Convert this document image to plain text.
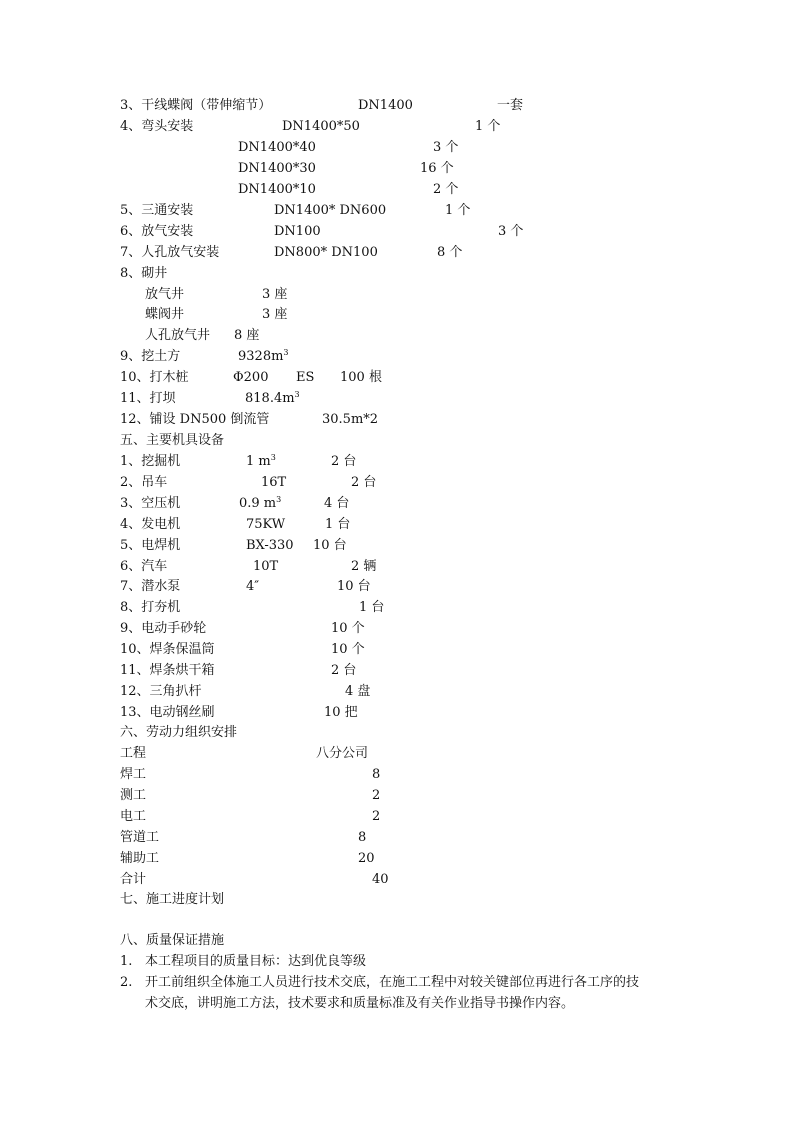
3、干线蝶阀（带伸缩节）	DN1400	一套
4、弯头安装	DN1400*50	1 个
DN1400*40	3 个
DN1400*30	16 个
DN1400*10	2 个
5、三通安装	DN1400* DN600	1 个
6、放气安装	DN100	3 个
7、人孔放气安装	DN800* DN100	8 个
8、砌井
放气井	3 座
蝶阀井	3 座
人孔放气井 8 座
9、挖土方	$9328m^3$
10、打木桩	Φ200 ES 100 根
11、打坝	$818.4m^3$
12、铺设 DN500 倒流管	30.5m*2
五、主要机具设备
1、挖掘机	1 $m^3$	2 台
2、吊车	16T	2 台
3、空压机	0.9 $m^3$	4 台
4、发电机	75KW	1 台
5、电焊机	BX-330 10 台
6、汽车	10T	2 辆
7、潜水泵	4″	10 台
8、打夯机	1 台
9、电动手砂轮	10 个
10、焊条保温筒	10 个
11、焊条烘干箱	2 台
12、三角扒杆	4 盘
13、电动钢丝刷	10 把
六、劳动力组织安排
工程	八分公司
焊工	8
测工	2
电工	2
管道工	8
辅助工	20
合计	40
七、施工进度计划
八、质量保证措施
1. 本工程项目的质量目标：达到优良等级
2. 开工前组织全体施工人员进行技术交底，在施工工程中对较关键部位再进行各工序的技
术交底，讲明施工方法，技术要求和质量标准及有关作业指导书操作内容。
